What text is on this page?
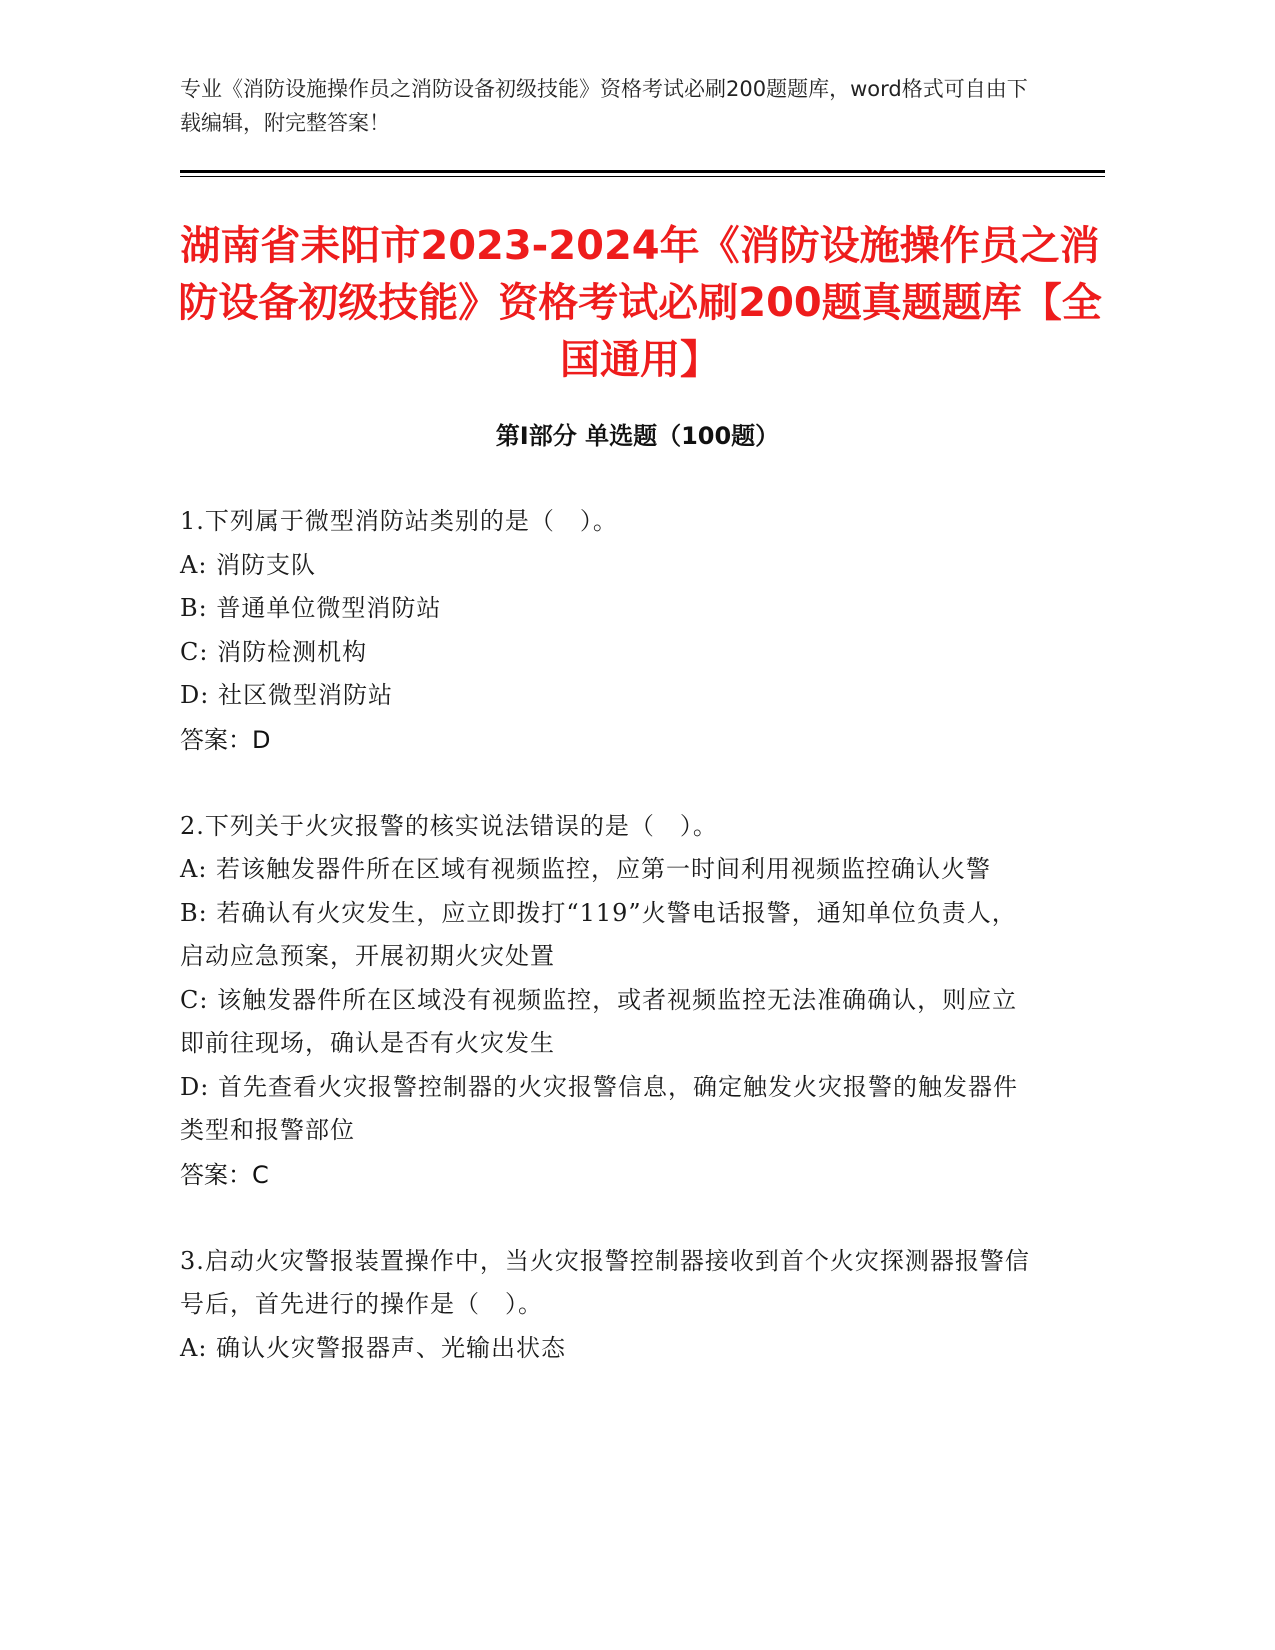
专业《消防设施操作员之消防设备初级技能》资格考试必刷200题题库，word格式可自由下载编辑，附完整答案！
湖南省耒阳市2023-2024年《消防设施操作员之消防设备初级技能》资格考试必刷200题真题题库【全国通用】
第I部分 单选题（100题）

1.下列属于微型消防站类别的是（　）。

A: 消防支队

B: 普通单位微型消防站

C: 消防检测机构

D: 社区微型消防站

答案：D

2.下列关于火灾报警的核实说法错误的是（　）。

A: 若该触发器件所在区域有视频监控，应第一时间利用视频监控确认火警

B: 若确认有火灾发生，应立即拨打“119”火警电话报警，通知单位负责人，启动应急预案，开展初期火灾处置

C: 该触发器件所在区域没有视频监控，或者视频监控无法准确确认，则应立即前往现场，确认是否有火灾发生

D: 首先查看火灾报警控制器的火灾报警信息，确定触发火灾报警的触发器件类型和报警部位

答案：C

3.启动火灾警报装置操作中，当火灾报警控制器接收到首个火灾探测器报警信号后，首先进行的操作是（　）。

A: 确认火灾警报器声、光输出状态
